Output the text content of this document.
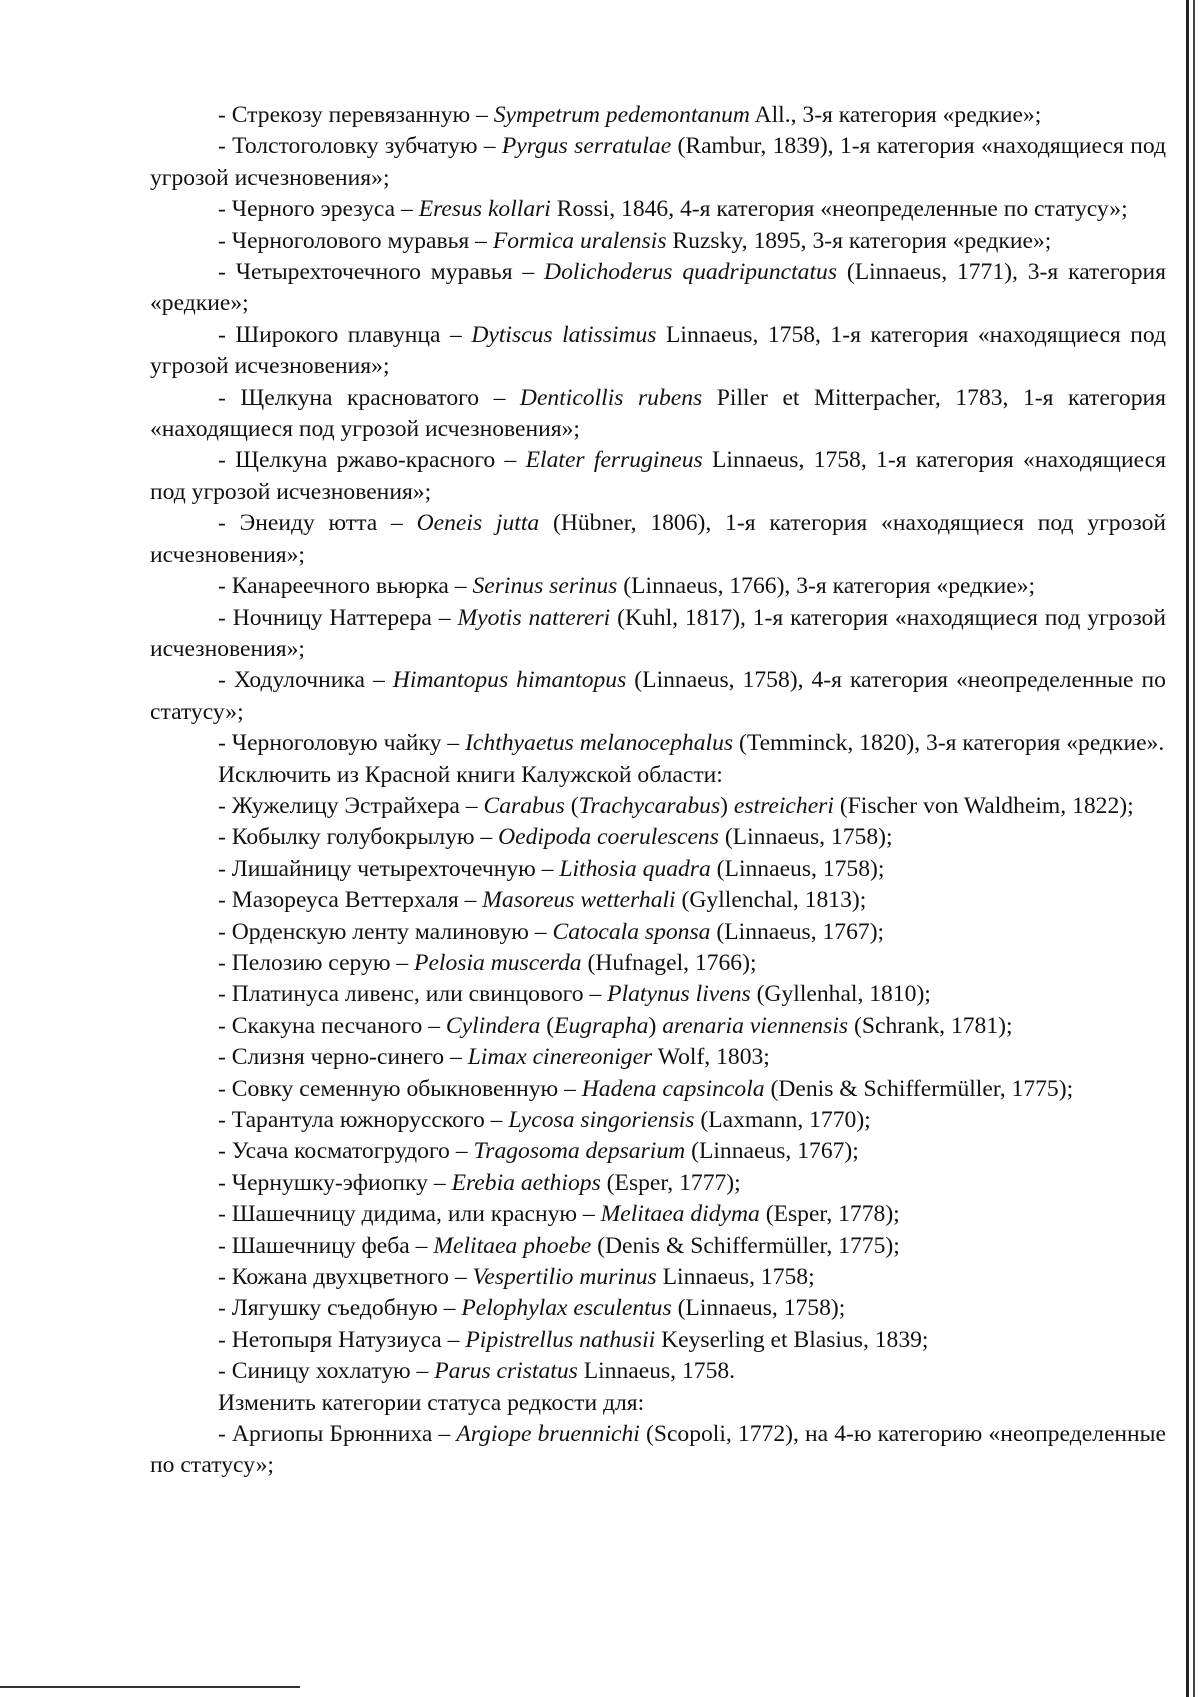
- Стрекозу перевязанную – Sympetrum pedemontanum All., 3-я категория «редкие»;

- Толстоголовку зубчатую – Pyrgus serratulae (Rambur, 1839), 1-я категория «находящиеся под угрозой исчезновения»;

- Черного эрезуса – Eresus kollari Rossi, 1846, 4-я категория «неопределенные по статусу»;

- Черноголового муравья – Formica uralensis Ruzsky, 1895, 3-я категория «редкие»;

- Четырехточечного муравья – Dolichoderus quadripunctatus (Linnaeus, 1771), 3-я категория «редкие»;

- Широкого плавунца – Dytiscus latissimus Linnaeus, 1758, 1-я категория «находящиеся под угрозой исчезновения»;

- Щелкуна красноватого – Denticollis rubens Piller et Mitterpacher, 1783, 1-я категория «находящиеся под угрозой исчезновения»;

- Щелкуна ржаво-красного – Elater ferrugineus Linnaeus, 1758, 1-я категория «находящиеся под угрозой исчезновения»;

- Энеиду ютта – Oeneis jutta (Hübner, 1806), 1-я категория «находящиеся под угрозой исчезновения»;

- Канареечного вьюрка – Serinus serinus (Linnaeus, 1766), 3-я категория «редкие»;

- Ночницу Наттерера – Myotis nattereri (Kuhl, 1817), 1-я категория «находящиеся под угрозой исчезновения»;

- Ходулочника – Himantopus himantopus (Linnaeus, 1758), 4-я категория «неопределенные по статусу»;

- Черноголовую чайку – Ichthyaetus melanocephalus (Temminck, 1820), 3-я категория «редкие».

Исключить из Красной книги Калужской области:

- Жужелицу Эстрайхера – Carabus (Trachycarabus) estreicheri (Fischer von Waldheim, 1822);

- Кобылку голубокрылую – Oedipoda coerulescens (Linnaeus, 1758);

- Лишайницу четырехточечную – Lithosia quadra (Linnaeus, 1758);

- Мазореуса Веттерхаля – Masoreus wetterhali (Gyllenchal, 1813);

- Орденскую ленту малиновую – Catocala sponsa (Linnaeus, 1767);

- Пелозию серую – Pelosia muscerda (Hufnagel, 1766);

- Платинуса ливенс, или свинцового – Platynus livens (Gyllenhal, 1810);

- Скакуна песчаного – Cylindera (Eugrapha) arenaria viennensis (Schrank, 1781);

- Слизня черно-синего – Limax cinereoniger Wolf, 1803;

- Совку семенную обыкновенную – Hadena capsincola (Denis & Schiffermüller, 1775);

- Тарантула южнорусского – Lycosa singoriensis (Laxmann, 1770);

- Усача косматогрудого – Tragosoma depsarium (Linnaeus, 1767);

- Чернушку-эфиопку – Erebia aethiops (Esper, 1777);

- Шашечницу дидима, или красную – Melitaea didyma (Esper, 1778);

- Шашечницу феба – Melitaea phoebe (Denis & Schiffermüller, 1775);

- Кожана двухцветного – Vespertilio murinus Linnaeus, 1758;

- Лягушку съедобную – Pelophylax esculentus (Linnaeus, 1758);

- Нетопыря Натузиуса – Pipistrellus nathusii Keyserling et Blasius, 1839;

- Синицу хохлатую – Parus cristatus Linnaeus, 1758.

Изменить категории статуса редкости для:

- Аргиопы Брюнниха – Argiope bruennichi (Scopoli, 1772), на 4-ю категорию «неопределенные по статусу»;
